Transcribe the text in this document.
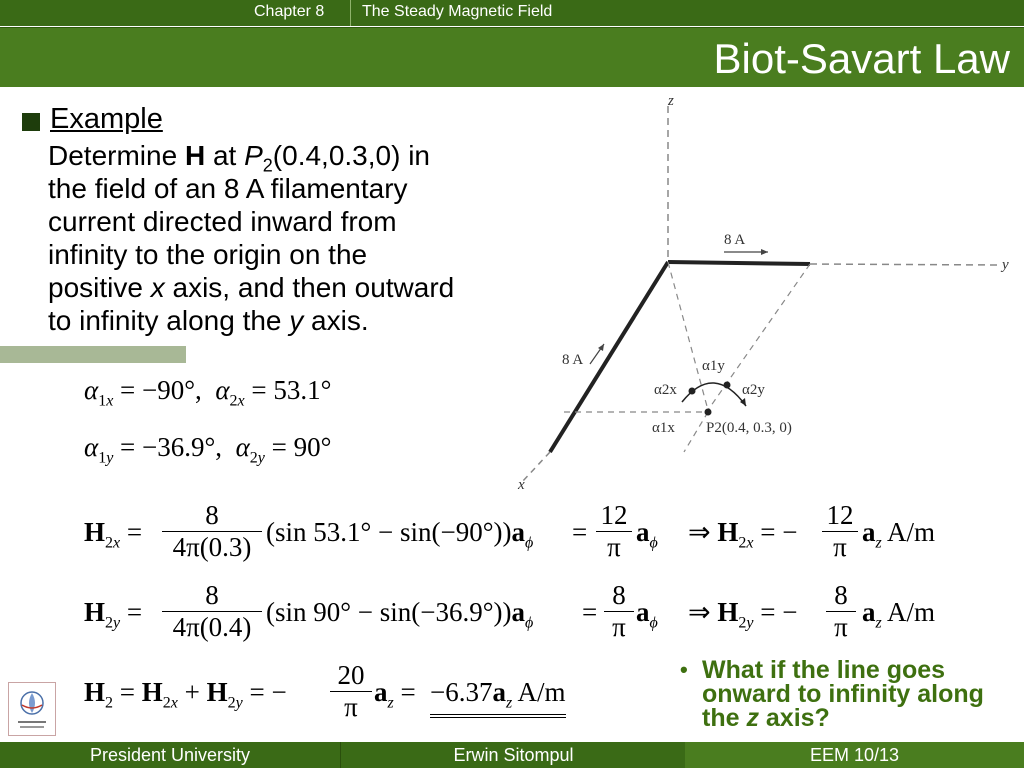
Chapter 8 The Steady Magnetic Field
Biot-Savart Law
Example
Determine H at $P_2(0.4,0.3,0)$ in
the field of an 8 A filamentary
current directed inward from
infinity to the origin on the
positive x axis, and then outward
to infinity along the y axis.
z
y
x
8 A
8 A	α1y
α2y
α2x
α1x P2(0.4, 0.3, 0)
$\alpha_{1x} = -90^\circ$, $\alpha_{2x} = 53.1^\circ$
$\alpha_{1y} = -36.9^\circ$, $\alpha_{2y} = 90^\circ$
$H_{2x} = \frac{8}{4\pi(0.3)} (\sin$ $53.1^\circ - \sin(-90^\circ))a_\phi = \frac{12}{\pi} a_\phi$ ⇒ $H_{2x}$ = − $\frac{12}{\pi} a_z$ A/m
$H_{2y} = \frac{8}{4\pi(0.4)} (\sin$ $90^\circ - \sin(-36.9^\circ))a_\phi = \frac{8}{\pi} a_\phi$ ⇒ $H_{2y}$ = − $\frac{8}{\pi} a_z$ A/m
$H_2 = H_{2x} + H_{2y}$ = − $\frac{20}{\pi} a_z = -6.37a_z$ A/m
• What if the line goes onward to infinity along the z axis?
President University	Erwin Sitompul	EEM 10/13
